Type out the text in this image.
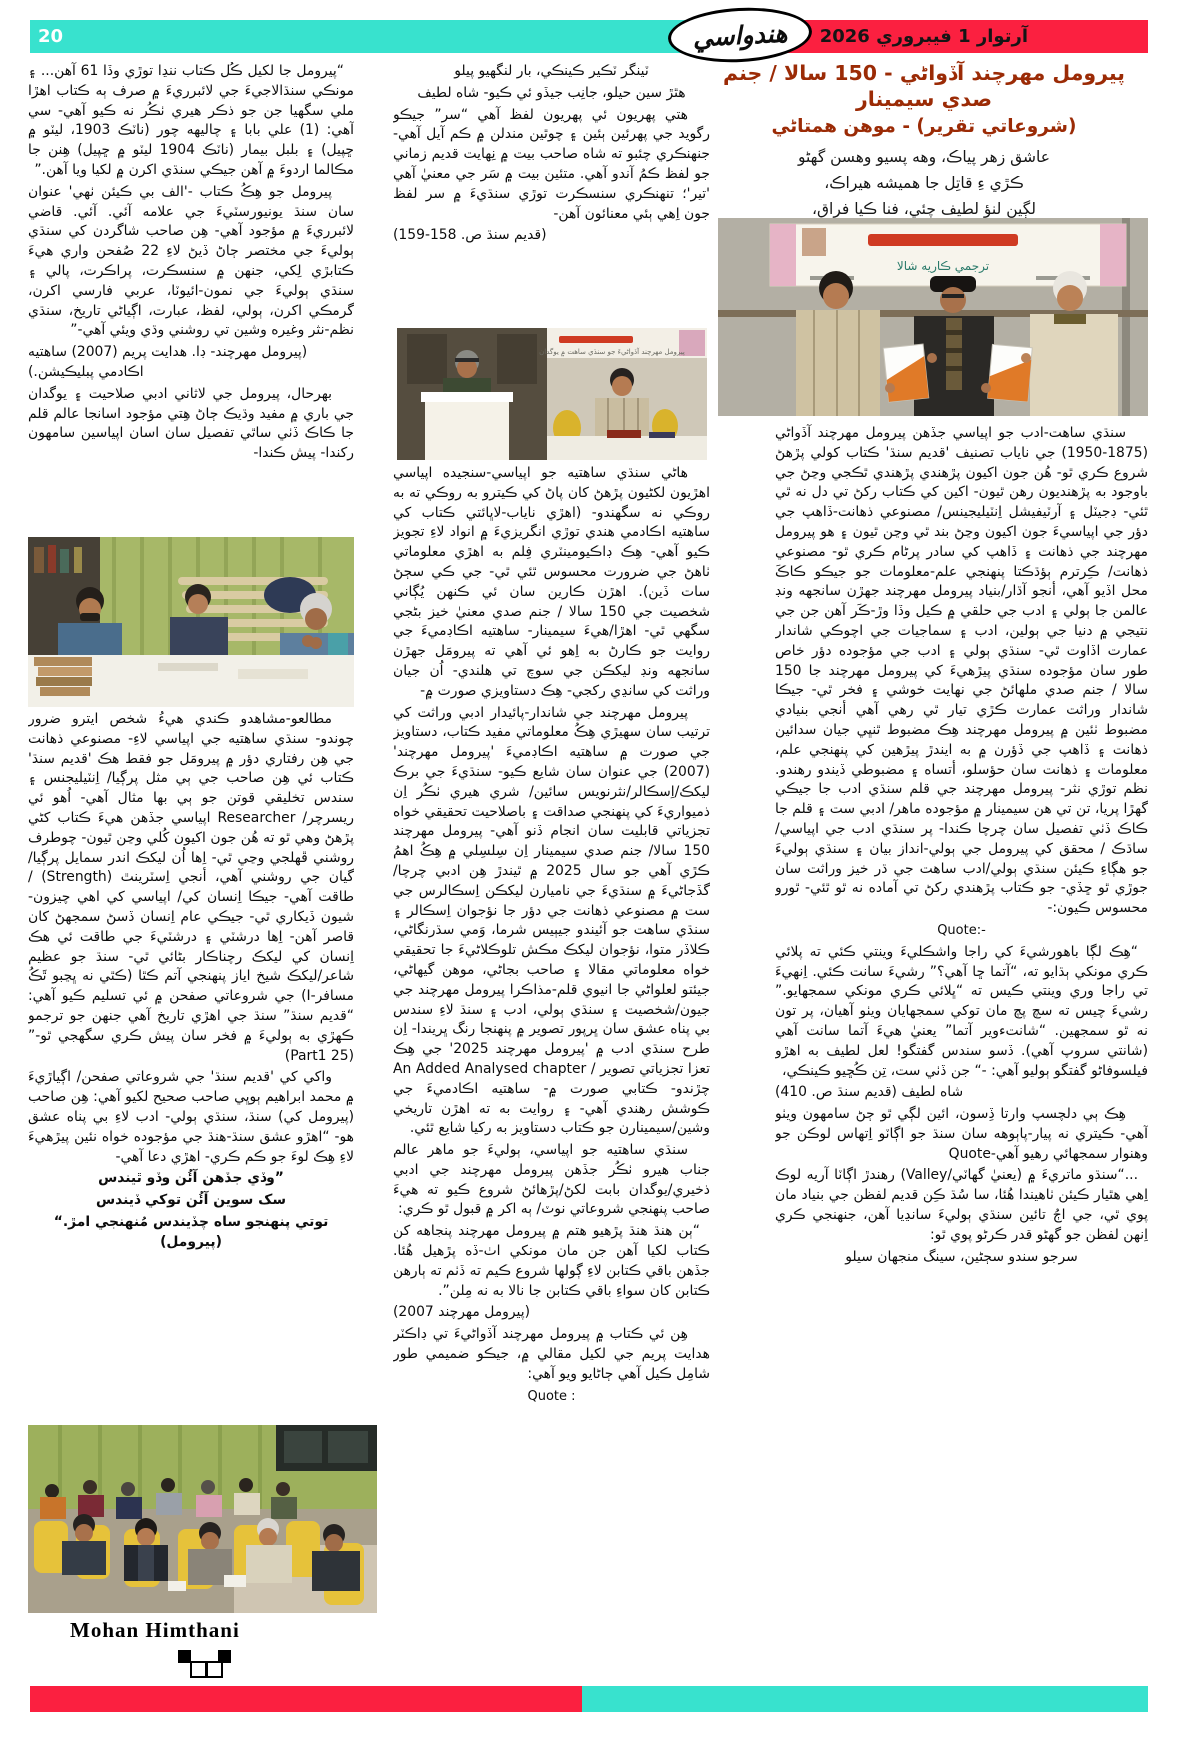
20	آرتوار 1 فيبروري 2026
هندواسي
پيرومل مهرچند آڏواڻي - 150 سالا / جنم صدي سيمينار
(شروعاتي تقرير) - موهن همتاڻي
عاشق زهر پياڪ، وهه پسيو وهسن گهڻو
ڪڙي ءِ قاتِل جا هميشه هيراڪ،
لڳين لنؤ لطيف چئي، فنا ڪيا فراق،
ترجمي ڪاريه شالا

سنڌي ساهت-ادب جو اپياسي جڏهن پيرومل مهرچند آڏواڻي (1875-1950) جي ناياب تصنيف 'قديم سنڌ' ڪتاب کولي پڙهڻ شروع ڪري ٿو- هُن جون اکيون پڙهندي پڙهندي ٿڪجي وڃڻ جي باوجود به پڙهنديون رهن ٿيون- اکين کي ڪتاب رکڻ تي دل نه ٿي ٿئي- ڊجيٽل ۽ آرٽيفيشل اِنٽيليجينس/ مصنوعي ذهانت-ڏاهپ جي دؤر جي اپياسيءَ جون اکيون وڃڻ بند ٿي وڃن ٿيون ۽ هو پيرومل مهرچند جي ذهانت ۽ ڏاهپ کي سادر پرڻام ڪري ٿو- مصنوعي ذهانت/ ڪِرترم ٻؤڌڪتا پنهنجي علم-معلومات جو جيڪو ڪاڪَ محل اڏيو آهي، أنجو آڌار/بنياد پيرومل مهرچند جهڙن سانجهه ونڊ عالمن جا ٻولي ۽ ادب جي حلقي ۾ ڪيل وڏا وڙ-ڪَر آهن جن جي نتيجي ۾ دنيا جي ٻولين، ادب ۽ سماجيات جي اچوڪي شاندار عمارت اڏاوت ٿي- سنڌي ٻولي ۽ ادب جي مؤجوده دؤر خاص طور سان مؤجوده سنڌي پيڙهيءَ کي پيرومل مهرچند جا 150 سالا / جنم صدي ملهائڻ جي نهايت خوشي ۽ فخر ٿي- جيڪا شاندار وراثت عمارت ڪڙي تيار ٿي رهي آهي أنجي بنيادي مضبوط ٺئين ۾ پيرومل مهرچند هِڪ مضبوط ٿنڀي جيان سدائين ذهانت ۽ ڏاهپ جي ڏؤرن ۾ به ايندڙ پيڙهين کي پنهنجي علم، معلومات ۽ ذهانت سان حؤسلو، أتساه ۽ مضبوطي ڏيندو رهندو. نظم توڙي نثر- پيرومل مهرچند جي قلم سنڌي ادب جا جيڪي گهڙا پريا، تن تي هن سيمينار ۾ مؤجوده ماهر/ ادبي ست ۽ قلم جا ڪاڪ ڏٺي تفصيل سان چرچا ڪندا- پر سنڌي ادب جي اپياسي/ ساڌڪ / محقق کي پيرومل جي ٻولي-انداز بيان ۽ سنڌي ٻوليءَ جو هڳاءِ ڪيئن سنڌي ٻولي/ادب ساهت جي ڌر خيز وراثت سان جوڙي ٿو ڇڏي- جو ڪتاب پڙهندي رکڻ تي آماده نه ٿو ٿئي- ٿورو محسوس ڪيون:-

Quote:-

“هِڪ لڳا باهورشيءَ کي راجا واشڪليءَ وينتي ڪئي ته پلائي ڪري مونکي ٻڌايو ته، “آتما ڇا آهي؟” رشيءَ سانت ڪئي. اِنهيءَ تي راجا وري وينتي ڪيس ته “ڀلائي ڪري مونکي سمجهايو.” رشيءَ چيس ته سچ پچ مان توکي سمجهايان ويٺو آهيان، پر تون نه ٿو سمجهين. “شانتءوير آتما” يعنيٰ هيءَ آتما سانت آهي (شانتي سروپ آهي). ڏسو سندس گفتگو! لعل لطيف به اهڙو فيلسوفاڻو گفتگو ٻوليو آهي: -“ جن ڏٺي ست، تِن ڪُڇيو ڪينڪي،

شاه لطيف (قديم سنڌ ص. 410)

هِڪ ٻي دلچسپ وارتا ڏِسون، ائين لڳي ٿو ڄڻ سامهون ويٺو آهي- ڪيتري نه پيار-پاٻوهه سان سنڌ جو اڳاٽو اِتهاس لوڪن جو وهنوار سمجهائي رهيو آهي-Quote

...“سنڌو ماتريءَ ۾ (يعنيٰ گهاٽي/Valley) رهندڙ اڳاٽا آريه لوڪ اِهي هٿيار ڪيئن ٺاهيندا هُئا، سا سُڌ ڪِن قديم لفظن جي بنياد مان پوي ٿي، جي اڄُ تائين سنڌي ٻوليءَ سانڍيا آهن، جنهنجي ڪري اِنهن لفظن جو گهڻو قدر ڪرڻو پوي ٿو:

سرجو سندو سڄڻين، سينگ منجهان سيلو

ٽينگر ٽڪير ڪينڪي، بار لنگهيو پيلو

هٿڙ سين حيلو، جانِب جيڏو ئي ڪيو- شاه لطيف

هتي پهريون ئي پهريون لفظ آهي “سر” جيڪو رگويد جي پهرئين ٻئين ۽ چوٿين مندلن ۾ ڪم آيل آهي- جنهنڪري چئبو ته شاه صاحب بيت ۾ نِهايت قديم زماني جو لفظ ڪمُ آندو آهي. متئين بيت ۾ سَر جي معنيٰ آهي 'تير'؛ تنهنڪري سنسڪرت توڙي سنڌيءَ ۾ سر لفظ جون اِهي ٻئي معنائون آهن-

(قديم سنڌ ص. 158-159)

پيرومل مهرچند آڏواڻيءَ جو سنڌي ساهت ۾ يوگدان

هاڻي سنڌي ساهتيه جو اپياسي-سنجيده اپياسي اهڙيون لکڻيون پڙهڻ کان پاڻ کي ڪيترو به روڪي ته به روڪي نه سگهندو- (اهڙي ناياب-لاڀائتي ڪتاب کي ساهتيه اڪادمي هندي توڙي انگريزيءَ ۾ انواد لاءِ تجويز ڪيو آهي- هِڪ ڊاڪيومينٽري فِلم به اهڙي معلوماتي ٺاهڻ جي ضرورت محسوس ٿئي ٿي- جي ڪي سڄڻ سات ڏين). اهڙن ڪارين سان ئي ڪنهن يُڳاني شخصيت جي 150 سالا / جنم صدي معنيٰ خيز بڻجي سگهي ٿي- اهڙا/هيءَ سيمينار- ساهتيه اڪاڊميءَ جي روايت جو ڪارڻ به اِهو ئي آهي ته پيرومَل جهڙن سانجهه ونڊ ليکڪن جي سوچ تي هلندي- اُن جيان وراثت کي سانڍي رکجي- هِڪ دستاويزي صورت ۾-

پيرومل مهرچند جي شاندار-پائيدار ادبي وراثت کي ترتيب سان سهيڙي هِڪُ معلوماتي مفيد ڪتاب، دستاويز جي صورت ۾ ساهتيه اڪاڊميءَ 'پيرومل مهرچند' (2007) جي عنوان سان شايع ڪيو- سنڌيءَ جي برڪ ليکڪ/اِسڪالر/نثرنويس سائين/ شري هيري ٺڪُر اِن ذميواريءَ کي پنهنجي صداقت ۽ باصلاحيت تحقيقي خواه تجزياتي قابليت سان انجام ڏنو آهي- پيرومل مهرچند 150 سالا/ جنم صدي سيمينار اِن سِلسِلي ۾ هِڪُ اهمُ ڪڙي آهي جو سال 2025 ۾ ٿيندڙ هِن ادبي چرچا/ گڏجاڻيءَ ۾ سنڌيءَ جي ناميارن ليکڪن اِسڪالرس جي ست ۾ مصنوعي ذهانت جي دؤر جا نؤجوان اِسڪالر ۽ سنڌي ساهت جو آئيندو جيٻيس شرما، وَمي سڌرنگاڻي، ڪلاڏر متوا، نؤجوان ليکڪ مڪش تلوڪلاڻيءَ جا تحقيقي خواه معلوماتي مقالا ۽ صاحب بجاڻي، موهن گيهاڻي، جيئتو لعلواڻي جا انيوي قلم-مذاڪرا پيرومل مهرچند جي جيون/شخصيت ۽ سنڌي ٻولي، ادب ۽ سنڌ لاءِ سندس بي پناه عشق سان ڀرپور تصوير ۾ پنهنجا رنگ ڀريندا- اِن طرح سنڌي ادب ۾ 'پيرومل مهرچند 2025' جي هِڪ تعزا تجزياتي تصوير / An Added Analysed chapter چڙندو- ڪتابي صورت ۾- ساهتيه اڪادميءَ جي ڪوشش رهندي آهي- ۽ روايت به ته اهڙن تاريخي وشين/سيمينارن جو ڪتاب دستاويز به رکيا شايع ٿئي.

سنڌي ساهتيه جو اپياسي، ٻوليءَ جو ماهر عالم جناب هيرو ٺڪُر جڏهن پيرومل مهرچند جي ادبي ذخيري/يوگدان بابت لکڻ/پڙهائڻ شروع ڪيو ته هيءَ صاحب پنهنجي شروعاتي نوٽ/ ٻه اکر ۾ قبول ٿو ڪري:

“ٻن هنڌ هنڌ پڙهيو هتم ۾ پيرومل مهرچند پنجاهه کن ڪتاب لکيا آهن جن مان مونکي اٺ-ڏه پڙهيل هُئا. جڏهن باقي ڪتابن لاءِ ڳولها شروع ڪيم ته ڏٺم ته ٻارهن ڪتابن کان سواءِ باقي ڪتابن جا نالا به نه مِلن”.

(پيرومل مهرچند 2007)

هِن ئي ڪتاب ۾ پيرومل مهرچند آڏواڻيءَ تي ڊاڪٽر هدايت پريم جي لکيل مقالي ۾، جيڪو ضميمي طور شامِل ڪيل آهي ڄاڻايو ويو آهي:

Quote :

“پيرومل جا لکيل ڪُل ڪتاب ننڍا توڙي وڏا 61 آهن... ۽ مونڪي سنڌالاجيءَ جي لائبرريءَ ۾ صرف ٻه ڪتاب اهڙا ملي سگهيا جن جو ذڪر هيري ٺڪُر نه ڪيو آهي- سي آهي: (1) علي بابا ۽ چاليهه چور (ناٽڪ 1903، ليٽو ۾ ڇپيل) ۽ بلبل بيمار (ناٽڪ 1904 ليٽو ۾ ڇپيل) هِنن جا مڪالما اردوءَ ۾ آهن جيڪي سنڌي اکرن ۾ لکيا ويا آهن.”

پيرومل جو هِڪُ ڪتاب -'الف بي ڪيئن ٺهي' عنوان سان سنڌ يونيورسٽيءَ جي علامه آئي. آئي. قاضي لائبرريءَ ۾ مؤجود آهي- هِن صاحب شاگردن کي سنڌي ٻوليءَ جي مختصر ڄاڻ ڏيڻ لاءِ 22 صُفحن واري هيءَ ڪتابڙي لِکي، جنهن ۾ سنسڪرت، پراڪرت، پالي ۽ سنڌي ٻوليءَ جي نمون-ائيوٽا، عربي فارسي اکرن، گرمڪي اکرن، ٻولي، لفظ، عبارت، اڳياڻي تاريخ، سنڌي نظم-نثر وغيره وشين تي روشني وڌي ويئي آهي-”

(پيرومل مهرچند- ڊا. هدايت پريم (2007) ساهتيه اڪادمي پبليڪيشن.)

بهرحال، پيرومل جي لاثاني ادبي صلاحيت ۽ يوگدان جي باري ۾ مفيد وڌيڪ ڄاڻ هِتي مؤجود اسانجا عالم قلم جا ڪاڪ ڏٺي ساٿي تفصيل سان اسان اپياسين سامهون رکندا- پيش ڪندا-

مطالعو-مشاهدو ڪندي هيءُ شخص ايترو ضرور چوندو- سنڌي ساهتيه جي اپياسي لاءِ- مصنوعي ذهانت جي هِن رفتاري دؤر ۾ پيرومَل جو فقط هڪ 'قديم سنڌ' ڪتاب ئي هِن صاحب جي ٻي مثل پرڳيا/ اِنٽيليجنس ۽ سندس تخليقي قوتن جو ٻي بها مثال آهي- اُهو ئي ريسرچر/ Researcher اپياسي جڏهن هيءَ ڪتاب کڻي پڙهڻ وهي ٿو ته هُن جون اکيون کُلي وڃن ٿيون- چوطرف روشني ڦهلجي وڃي ٿي- اِها اُن ليکڪ اندر سمايل پرڳيا/گيان جي روشني آهي، أنجي اِسٽرينٿ (Strength) / طاقت آهي- جيڪا اِنسان کي/ اپياسي کي اهي چيزون-شيون ڏيکاري ٿي- جيڪي عام اِنسان ڏسڻ سمجهڻ کان قاصر آهن- اِها درشٽي ۽ درشٽيءَ جي طاقت ئي هڪ اِنسان کي ليکڪ رچناڪار بڻائي ٿي- سنڌ جو عظيم شاعر/ليکڪ شيخ اياز پنهنجي آتم ڪٿا (ڪٿي نه ڀڃبو ٿَڪُ مسافر-I) جي شروعاتي صفحن ۾ ئي تسليم ڪيو آهي: “قديم سنڌ” سنڌ جي اهڙي تاريخ آهي جنهن جو ترجمو ڪهڙي به ٻوليءَ ۾ فخر سان پيش ڪري سگهجي ٿو-” (Part1 25)

واکي کي 'قديم سنڌ' جي شروعاتي صفحن/ اڳياڙيءَ ۾ محمد ابراهيم ٻوڀي صاحب صحيح لکيو آهي: هِن صاحب (پيرومل کي) سنڌ، سنڌي ٻولي- ادب لاءِ بي پناه عشق هو- “اهڙو عشق سنڌ-هنڌ جي مؤجوده خواه نئين پيڙهيءَ لاءِ هِڪ لوءَ جو ڪم ڪري- اهڙي دعا آهي-

”وڏي جڏهن آئُن وڏو ٿيندس

سک سوين آئُن توکي ڏيندس

توتي پنهنجو ساه چڏيندس مُنهنجي امڙ.“ (پيرومل)

Mohan Himthani
